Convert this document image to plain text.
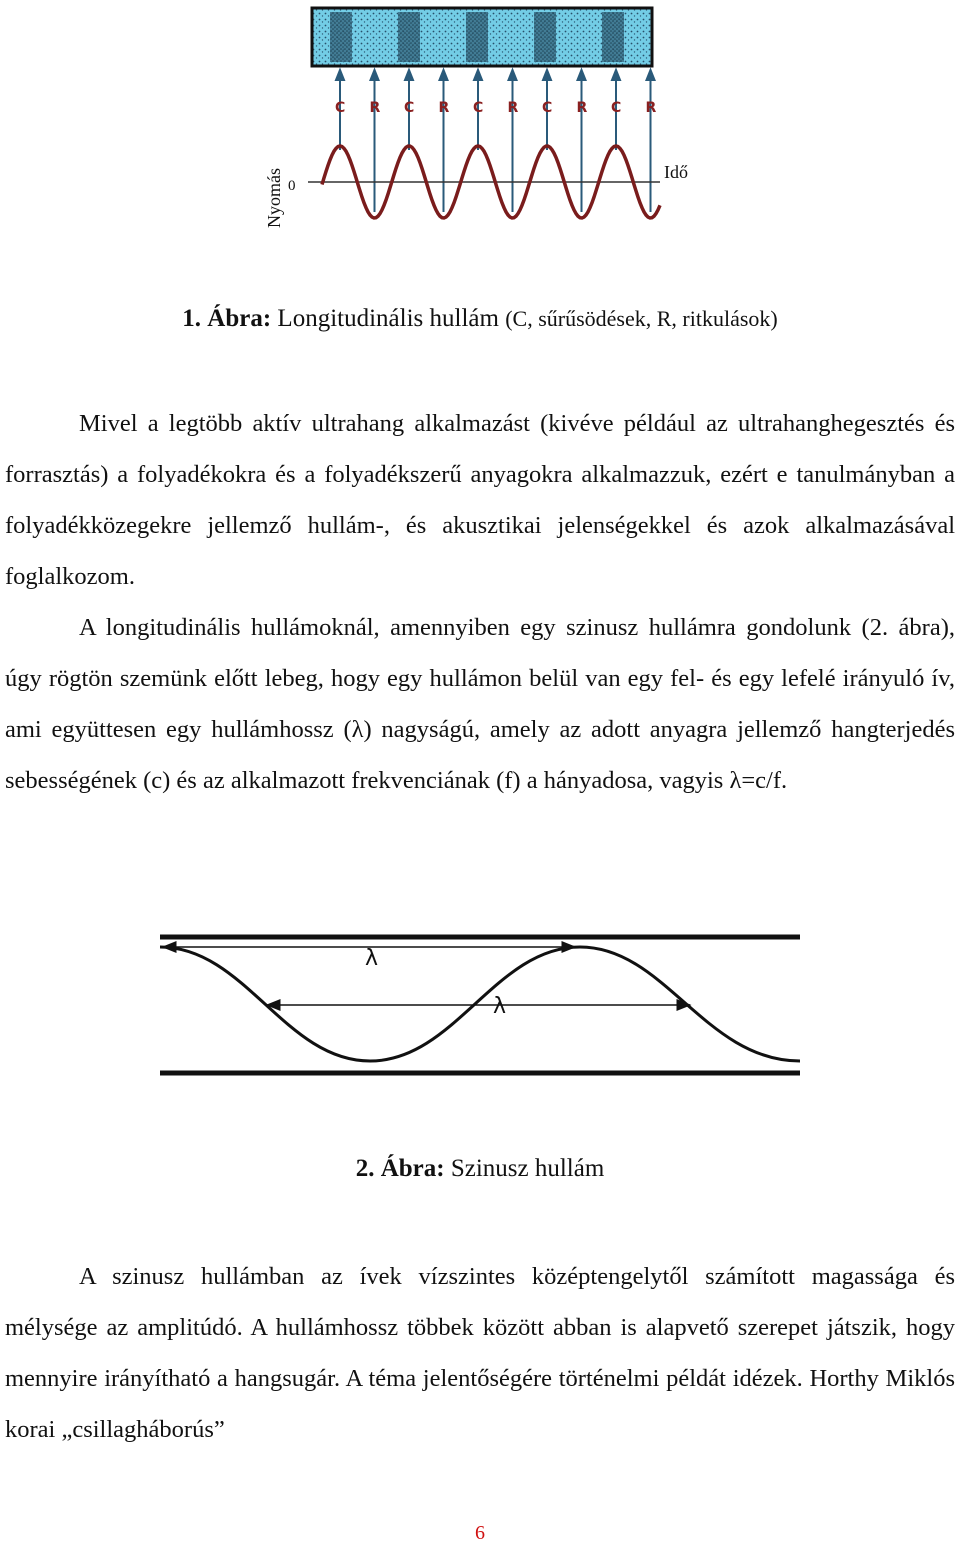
C R C R C R C R C R
Nyomás 0
Idő
1. Ábra: Longitudinális hullám (C, sűrűsödések, R, ritkulások)

Mivel a legtöbb aktív ultrahang alkalmazást (kivéve például az ultrahanghegesztés és forrasztás) a folyadékokra és a folyadékszerű anyagokra alkalmazzuk, ezért e tanulmányban a folyadékközegekre jellemző hullám-, és akusztikai jelenségekkel és azok alkalmazásával foglalkozom.
A longitudinális hullámoknál, amennyiben egy szinusz hullámra gondolunk (2. ábra), úgy rögtön szemünk előtt lebeg, hogy egy hullámon belül van egy fel- és egy lefelé irányuló ív, ami együttesen egy hullámhossz (λ) nagyságú, amely az adott anyagra jellemző hangterjedés sebességének (c) és az alkalmazott frekvenciának (f) a hányadosa, vagyis λ=c/f.

λ
λ
2. Ábra: Szinusz hullám

A szinusz hullámban az ívek vízszintes középtengelytől számított magassága és mélysége az amplitúdó. A hullámhossz többek között abban is alapvető szerepet játszik, hogy mennyire irányítható a hangsugár. A téma jelentőségére történelmi példát idézek. Horthy Miklós korai „csillagháborús”

6
